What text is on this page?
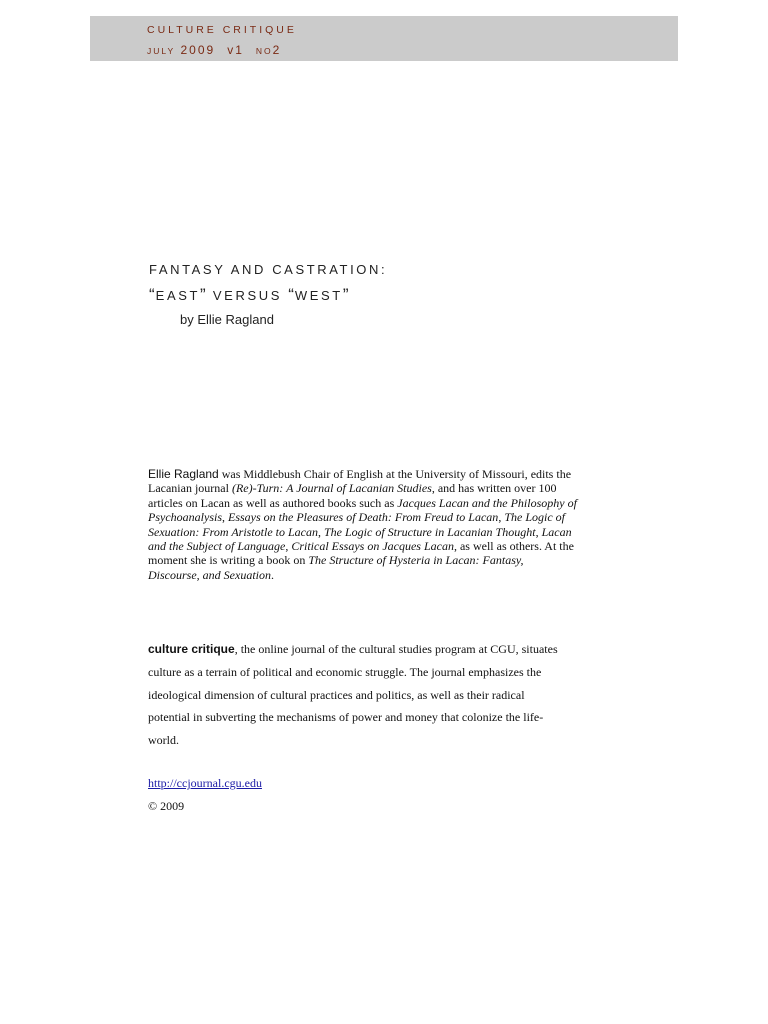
CULTURE CRITIQUE
JULY 2009 v1 NO2
FANTASY AND CASTRATION:
“EAST” VERSUS “WEST”
by Ellie Ragland
Ellie Ragland was Middlebush Chair of English at the University of Missouri, edits the Lacanian journal (Re)-Turn: A Journal of Lacanian Studies, and has written over 100 articles on Lacan as well as authored books such as Jacques Lacan and the Philosophy of Psychoanalysis, Essays on the Pleasures of Death: From Freud to Lacan, The Logic of Sexuation: From Aristotle to Lacan, The Logic of Structure in Lacanian Thought, Lacan and the Subject of Language, Critical Essays on Jacques Lacan, as well as others. At the moment she is writing a book on The Structure of Hysteria in Lacan: Fantasy, Discourse, and Sexuation.
culture critique, the online journal of the cultural studies program at CGU, situates culture as a terrain of political and economic struggle. The journal emphasizes the ideological dimension of cultural practices and politics, as well as their radical potential in subverting the mechanisms of power and money that colonize the life-world.
http://ccjournal.cgu.edu
© 2009
